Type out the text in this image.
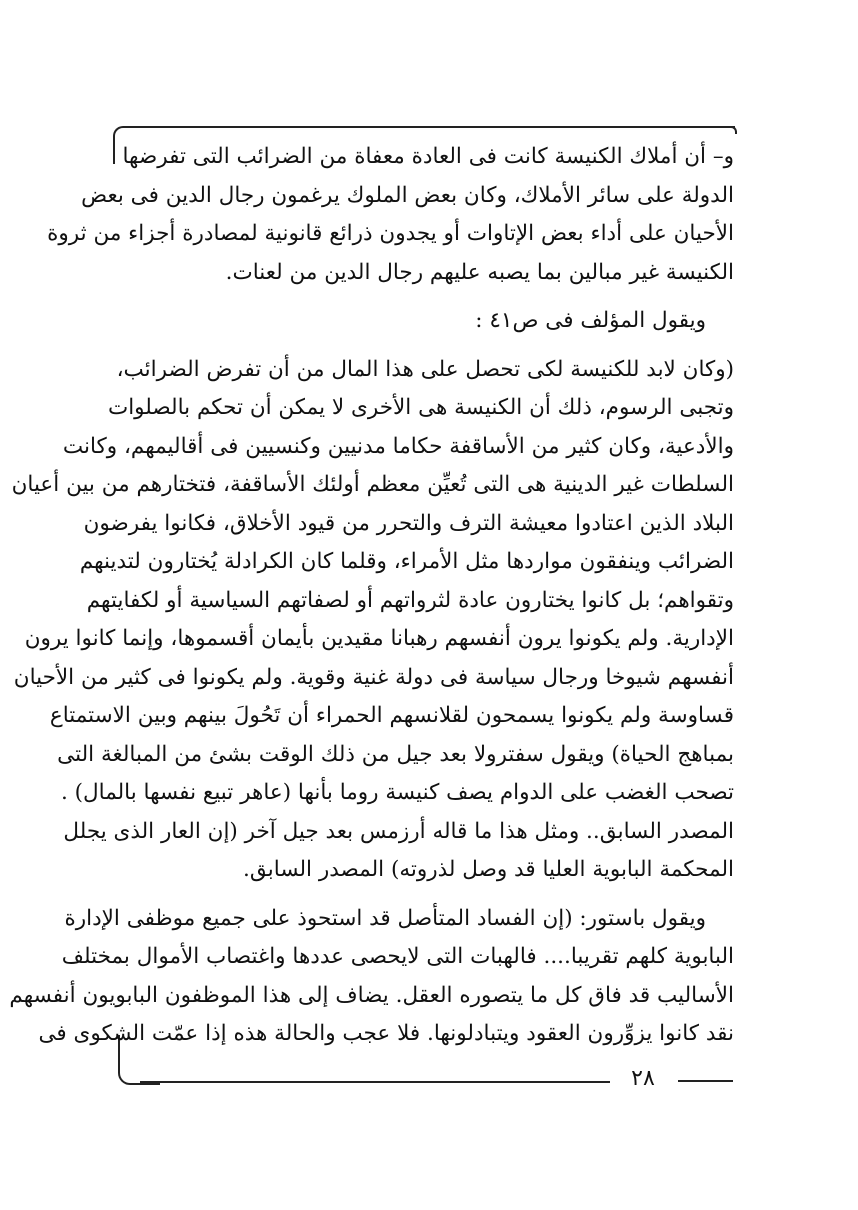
و– أن أملاك الكنيسة كانت فى العادة معفاة من الضرائب التى تفرضها
الدولة على سائر الأملاك، وكان بعض الملوك يرغمون رجال الدين فى بعض
الأحيان على أداء بعض الإتاوات أو يجدون ذرائع قانونية لمصادرة أجزاء من ثروة
الكنيسة غير مبالين بما يصبه عليهم رجال الدين من لعنات.
ويقول المؤلف فى ص٤١ :
(وكان لابد للكنيسة لكى تحصل على هذا المال من أن تفرض الضرائب،
وتجبى الرسوم، ذلك أن الكنيسة هى الأخرى لا يمكن أن تحكم بالصلوات
والأدعية، وكان كثير من الأساقفة حكاما مدنيين وكنسيين فى أقاليمهم، وكانت
السلطات غير الدينية هى التى تُعيِّن معظم أولئك الأساقفة، فتختارهم من بين أعيان
البلاد الذين اعتادوا معيشة الترف والتحرر من قيود الأخلاق، فكانوا يفرضون
الضرائب وينفقون مواردها مثل الأمراء، وقلما كان الكرادلة يُختارون لتدينهم
وتقواهم؛ بل كانوا يختارون عادة لثرواتهم أو لصفاتهم السياسية أو لكفايتهم
الإدارية. ولم يكونوا يرون أنفسهم رهبانا مقيدين بأيمان أقسموها، وإنما كانوا يرون
أنفسهم شيوخا ورجال سياسة فى دولة غنية وقوية. ولم يكونوا فى كثير من الأحيان
قساوسة ولم يكونوا يسمحون لقلانسهم الحمراء أن تَحُولَ بينهم وبين الاستمتاع
بمباهج الحياة) ويقول سفترولا بعد جيل من ذلك الوقت بشئ من المبالغة التى
تصحب الغضب على الدوام يصف كنيسة روما بأنها (عاهر تبيع نفسها بالمال) .
المصدر السابق.. ومثل هذا ما قاله أرزمس بعد جيل آخر (إن العار الذى يجلل
المحكمة البابوية العليا قد وصل لذروته) المصدر السابق.
ويقول باستور: (إن الفساد المتأصل قد استحوذ على جميع موظفى الإدارة
البابوية كلهم تقريبا.... فالهبات التى لايحصى عددها واغتصاب الأموال بمختلف
الأساليب قد فاق كل ما يتصوره العقل. يضاف إلى هذا الموظفون البابويون أنفسهم
نقد كانوا يزوِّرون العقود ويتبادلونها. فلا عجب والحالة هذه إذا عمّت الشكوى فى
٢٨
